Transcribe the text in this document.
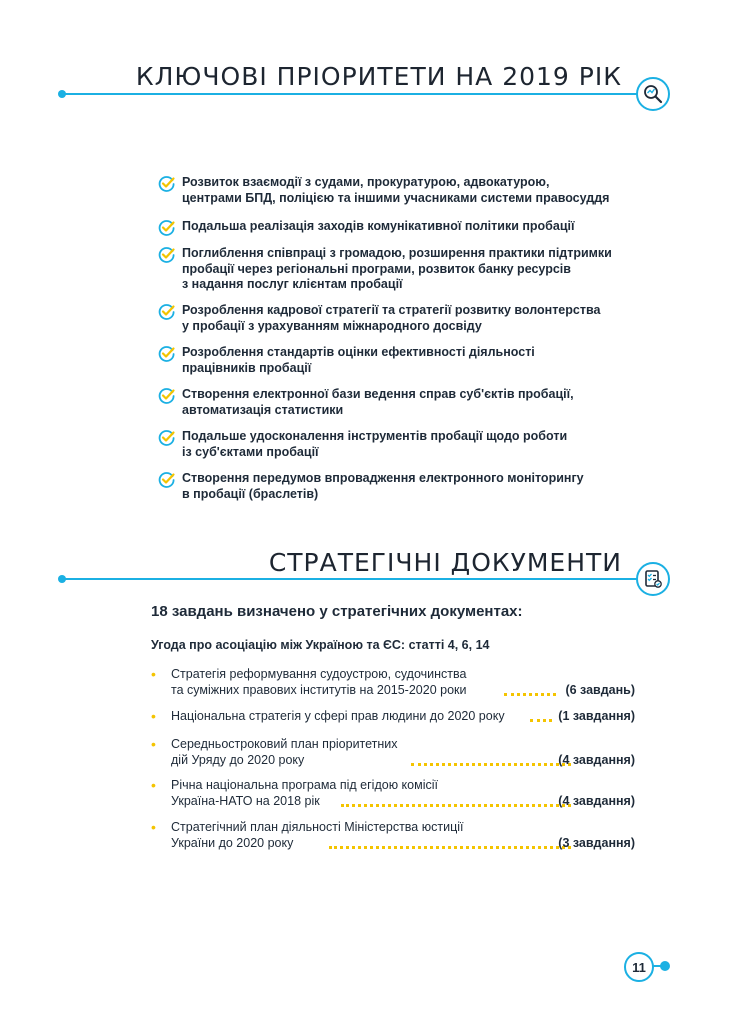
КЛЮЧОВІ ПРІОРИТЕТИ НА 2019 РІК
Розвиток взаємодії з судами, прокуратурою, адвокатурою,
центрами БПД, поліцією та іншими учасниками системи правосуддя
Подальша реалізація заходів комунікативної політики пробації
Поглиблення співпраці з громадою, розширення практики підтримки
пробації через регіональні програми, розвиток банку ресурсів
з надання послуг клієнтам пробації
Розроблення кадрової стратегії та стратегії розвитку волонтерства
у пробації з урахуванням міжнародного досвіду
Розроблення стандартів оцінки ефективності діяльності
працівників пробації
Створення електронної бази ведення справ суб'єктів пробації,
автоматизація статистики
Подальше удосконалення інструментів пробації щодо роботи
із суб'єктами пробації
Створення передумов впровадження електронного моніторингу
в пробації (браслетів)
СТРАТЕГІЧНІ ДОКУМЕНТИ

18 завдань визначено у стратегічних документах:

Угода про асоціацію між Україною та ЄС: статті 4, 6, 14

• Стратегія реформування судоустрою, судочинства
та суміжних правових інститутів на 2015-2020 роки	(6 завдань)
• Національна стратегія у сфері прав людини до 2020 року	(1 завдання)
• Середньостроковий план пріоритетних
дій Уряду до 2020 року	(4 завдання)
• Річна національна програма під егідою комісії
Україна-НАТО на 2018 рік	(4 завдання)
• Стратегічний план діяльності Міністерства юстиції
України до 2020 року	(3 завдання)
11
